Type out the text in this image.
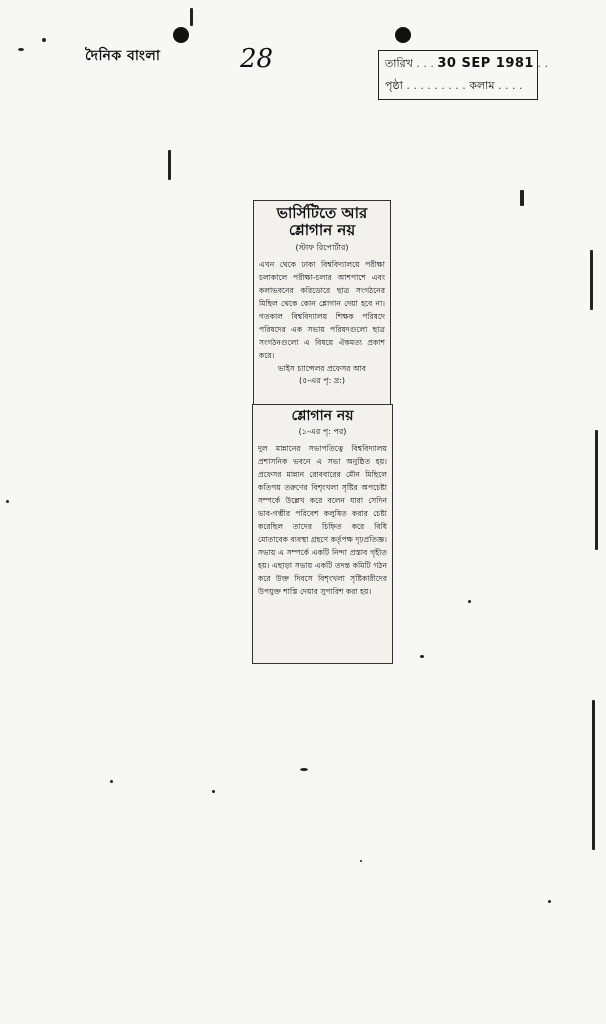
দৈনিক বাংলা	28	তারিখ . . . 30 SEP 1981 . .
পৃষ্ঠা . . . . . . . . . কলাম . . . .
ভার্সিটিতে আর
শ্লোগান নয়
(স্টাফ রিপোর্টার)
এখন থেকে ঢাকা বিশ্ববিদ্যালয়ে পরীক্ষা চলাকালে পরীক্ষা-চলার আশপাশে এবং কলাভবনের করিডোরে ছাত্র সংগঠনের মিছিল থেকে কোন শ্লোগান দেয়া হবে না। গতকাল বিশ্ববিদ্যালয় শিক্ষক পরিষদে পরিষদের এক সভায় পরিষদগুলো ছাত্র সংগঠনগুলো এ বিষয়ে ঐকমত্য প্রকাশ করে।
ভাইস চ্যান্সেলর প্রফেসর আব
(৫-এর পৃ: দ্র:)
শ্লোগান নয়
(১-এর পৃ: পর)
দুল মান্নানের সভাপতিত্বে বিশ্ববিদ্যালয় প্রশাসনিক ভবনে এ সভা অনুষ্ঠিত হয়। প্রফেসর মান্নান রোববারের মৌন মিছিলে কতিপয় তরুণের বিশৃংখলা সৃষ্টির অপচেষ্টা সম্পর্কে উল্লেখ করে বলেন যারা সেদিন ভাব-গম্ভীর পরিবেশ কলুষিত করার চেষ্টা করেছিল তাদের চিহ্নিত করে বিধি মোতাবেক ব্যবস্থা গ্রহণে কর্তৃপক্ষ দৃঢ়প্রতিজ্ঞ। সভায় এ সম্পর্কে একটি নিন্দা প্রস্তাব গৃহীত হয়। এছাড়া সভায় একটি তদন্ত কমিটি গঠন করে উক্ত দিবসে বিশৃংখলা সৃষ্টিকারীদের উপযুক্ত শাস্তি দেয়ার সুপারিশ করা হয়।
